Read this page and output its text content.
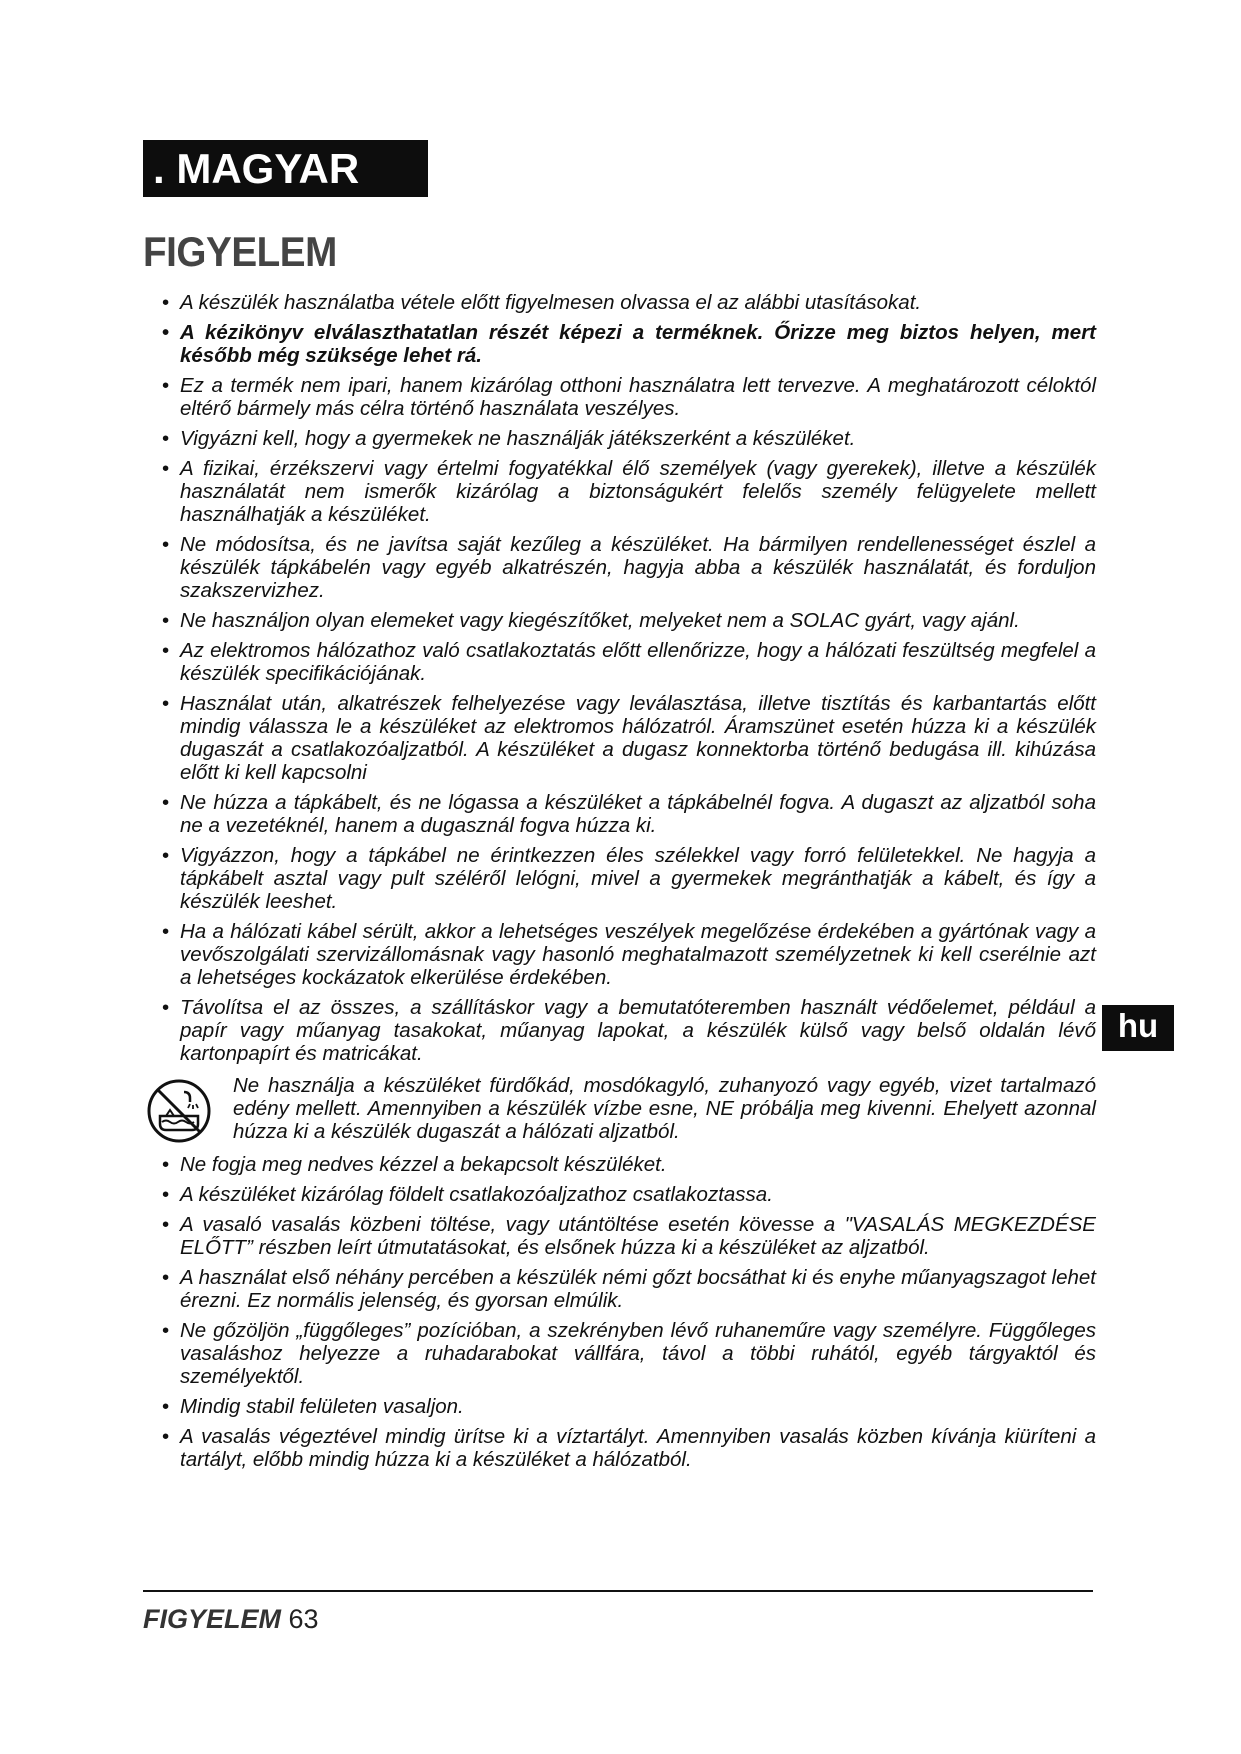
. MAGYAR
FIGYELEM
• A készülék használatba vétele előtt figyelmesen olvassa el az alábbi utasításokat.
• A kézikönyv elválaszthatatlan részét képezi a terméknek. Őrizze meg biztos helyen, mert később még szüksége lehet rá.
• Ez a termék nem ipari, hanem kizárólag otthoni használatra lett tervezve. A meghatározott céloktól eltérő bármely más célra történő használata veszélyes.
• Vigyázni kell, hogy a gyermekek ne használják játékszerként a készüléket.
• A fizikai, érzékszervi vagy értelmi fogyatékkal élő személyek (vagy gyerekek), illetve a készülék használatát nem ismerők kizárólag a biztonságukért felelős személy felügyelete mellett használhatják a készüléket.
• Ne módosítsa, és ne javítsa saját kezűleg a készüléket. Ha bármilyen rendellenességet észlel a készülék tápkábelén vagy egyéb alkatrészén, hagyja abba a készülék használatát, és forduljon szakszervizhez.
• Ne használjon olyan elemeket vagy kiegészítőket, melyeket nem a SOLAC gyárt, vagy ajánl.
• Az elektromos hálózathoz való csatlakoztatás előtt ellenőrizze, hogy a hálózati feszültség megfelel a készülék specifikációjának.
• Használat után, alkatrészek felhelyezése vagy leválasztása, illetve tisztítás és karbantartás előtt mindig válassza le a készüléket az elektromos hálózatról. Áramszünet esetén húzza ki a készülék dugaszát a csatlakozóaljzatból. A készüléket a dugasz konnektorba történő bedugása ill. kihúzása előtt ki kell kapcsolni
• Ne húzza a tápkábelt, és ne lógassa a készüléket a tápkábelnél fogva. A dugaszt az aljzatból soha ne a vezetéknél, hanem a dugasznál fogva húzza ki.
• Vigyázzon, hogy a tápkábel ne érintkezzen éles szélekkel vagy forró felületekkel. Ne hagyja a tápkábelt asztal vagy pult széléről lelógni, mivel a gyermekek megránthatják a kábelt, és így a készülék leeshet.
• Ha a hálózati kábel sérült, akkor a lehetséges veszélyek megelőzése érdekében a gyártónak vagy a vevőszolgálati szervizállomásnak vagy hasonló meghatalmazott személyzetnek ki kell cserélnie azt a lehetséges kockázatok elkerülése érdekében.
• Távolítsa el az összes, a szállításkor vagy a bemutatóteremben használt védőelemet, például a papír vagy műanyag tasakokat, műanyag lapokat, a készülék külső vagy belső oldalán lévő kartonpapírt és matricákat.
Ne használja a készüléket fürdőkád, mosdókagyló, zuhanyozó vagy egyéb, vizet tartalmazó edény mellett. Amennyiben a készülék vízbe esne, NE próbálja meg kivenni. Ehelyett azonnal húzza ki a készülék dugaszát a hálózati aljzatból.
• Ne fogja meg nedves kézzel a bekapcsolt készüléket.
• A készüléket kizárólag földelt csatlakozóaljzathoz csatlakoztassa.
• A vasaló vasalás közbeni töltése, vagy utántöltése esetén kövesse a "VASALÁS MEGKEZDÉSE ELŐTT” részben leírt útmutatásokat, és elsőnek húzza ki a készüléket az aljzatból.
• A használat első néhány percében a készülék némi gőzt bocsáthat ki és enyhe műanyagszagot lehet érezni. Ez normális jelenség, és gyorsan elmúlik.
• Ne gőzöljön „függőleges” pozícióban, a szekrényben lévő ruhaneműre vagy személyre. Függőleges vasaláshoz helyezze a ruhadarabokat vállfára, távol a többi ruhától, egyéb tárgyaktól és személyektől.
• Mindig stabil felületen vasaljon.
• A vasalás végeztével mindig ürítse ki a víztartályt. Amennyiben vasalás közben kívánja kiüríteni a tartályt, előbb mindig húzza ki a készüléket a hálózatból.
hu
FIGYELEM 63
